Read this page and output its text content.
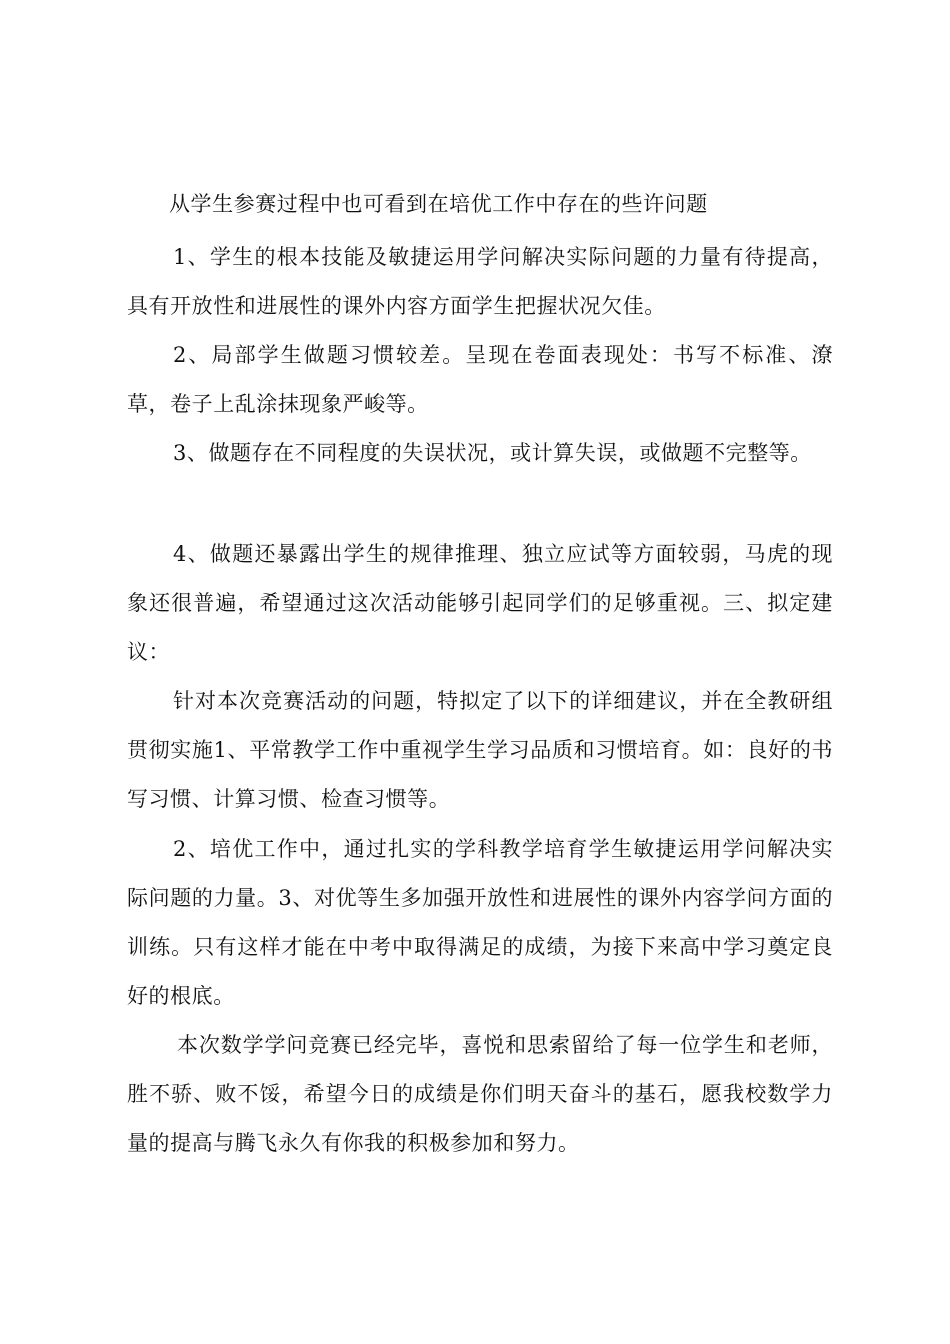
从学生参赛过程中也可看到在培优工作中存在的些许问题

1、学生的根本技能及敏捷运用学问解决实际问题的力量有待提高，具有开放性和进展性的课外内容方面学生把握状况欠佳。

2、局部学生做题习惯较差。呈现在卷面表现处：书写不标准、潦草，卷子上乱涂抹现象严峻等。

3、做题存在不同程度的失误状况，或计算失误，或做题不完整等。

4、做题还暴露出学生的规律推理、独立应试等方面较弱，马虎的现象还很普遍，希望通过这次活动能够引起同学们的足够重视。三、拟定建议：

针对本次竞赛活动的问题，特拟定了以下的详细建议，并在全教研组贯彻实施1、平常教学工作中重视学生学习品质和习惯培育。如：良好的书写习惯、计算习惯、检查习惯等。

2、培优工作中，通过扎实的学科教学培育学生敏捷运用学问解决实际问题的力量。3、对优等生多加强开放性和进展性的课外内容学问方面的训练。只有这样才能在中考中取得满足的成绩，为接下来高中学习奠定良好的根底。

本次数学学问竞赛已经完毕，喜悦和思索留给了每一位学生和老师，胜不骄、败不馁，希望今日的成绩是你们明天奋斗的基石，愿我校数学力量的提高与腾飞永久有你我的积极参加和努力。
